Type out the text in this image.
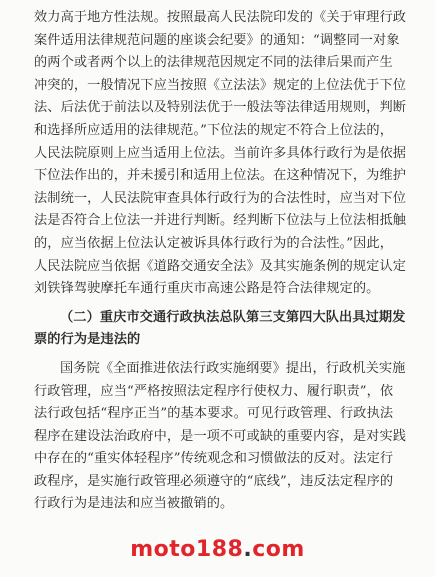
效力高于地方性法规。按照最高人民法院印发的《关于审理行政
案件适用法律规范问题的座谈会纪要》的通知：“调整同一对象
的两个或者两个以上的法律规范因规定不同的法律后果而产生
冲突的，一般情况下应当按照《立法法》规定的上位法优于下位
法、后法优于前法以及特别法优于一般法等法律适用规则，判断
和选择所应适用的法律规范。”下位法的规定不符合上位法的，
人民法院原则上应当适用上位法。当前许多具体行政行为是依据
下位法作出的，并未援引和适用上位法。在这种情况下，为维护
法制统一，人民法院审查具体行政行为的合法性时，应当对下位
法是否符合上位法一并进行判断。经判断下位法与上位法相抵触
的，应当依据上位法认定被诉具体行政行为的合法性。”因此，
人民法院应当依据《道路交通安全法》及其实施条例的规定认定
刘铁锋驾驶摩托车通行重庆市高速公路是符合法律规定的。
（二）重庆市交通行政执法总队第三支第四大队出具过期发
票的行为是违法的
国务院《全面推进依法行政实施纲要》提出，行政机关实施
行政管理，应当“严格按照法定程序行使权力、履行职责”，依
法行政包括“程序正当”的基本要求。可见行政管理、行政执法
程序在建设法治政府中，是一项不可或缺的重要内容，是对实践
中存在的“重实体轻程序”传统观念和习惯做法的反对。法定行
政程序，是实施行政管理必须遵守的“底线”，违反法定程序的
行政行为是违法和应当被撤销的。
moto188.com
